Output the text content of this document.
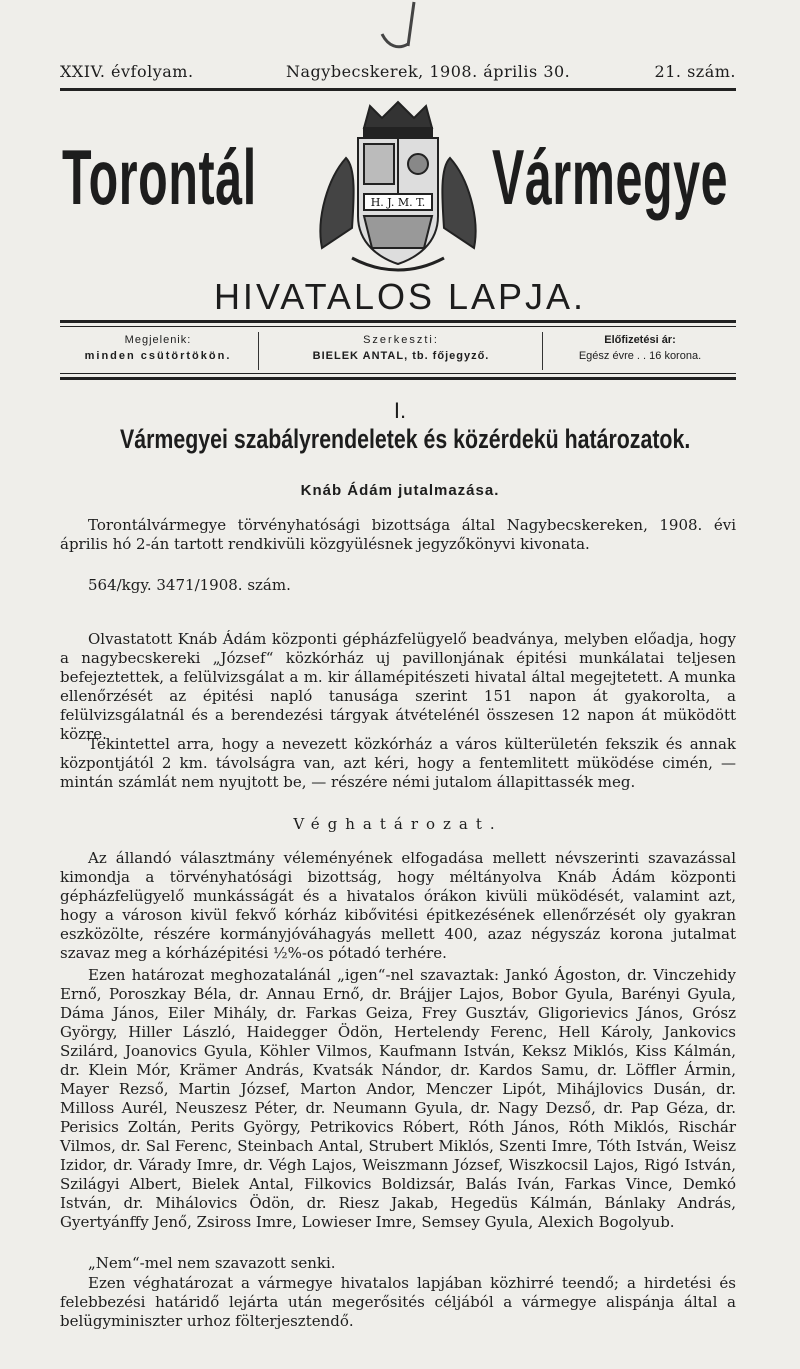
XXIV. évfolyam.	Nagybecskerek, 1908. április 30.	21. szám.
Torontál	Vármegye
H. J. M. T.
HIVATALOS LAPJA.
Megjelenik:
minden csütörtökön.
Szerkeszti:
BIELEK ANTAL, tb. főjegyző.
Előfizetési ár:
Egész évre . . 16 korona.
I.
Vármegyei szabályrendeletek és közérdekü határozatok.
Knáb Ádám jutalmazása.
Torontálvármegye törvényhatósági bizottsága által Nagybecskereken, 1908. évi április hó 2-án tartott rendkivüli közgyülésnek jegyzőkönyvi kivonata.
564/kgy. 3471/1908. szám.
Olvastatott Knáb Ádám központi gépházfelügyelő beadványa, melyben előadja, hogy a nagybecskereki „József“ közkórház uj pavillonjának épitési munkálatai teljesen befejeztettek, a felülvizsgálat a m. kir államépitészeti hivatal által megejtetett. A munka ellenőrzését az épitési napló tanusága szerint 151 napon át gyakorolta, a felülvizsgálatnál és a berendezési tárgyak átvételénél összesen 12 napon át müködött közre.
Tekintettel arra, hogy a nevezett közkórház a város külterületén fekszik és annak központjától 2 km. távolságra van, azt kéri, hogy a fentemlitett müködése cimén, — mintán számlát nem nyujtott be, — részére némi jutalom állapittassék meg.
Véghatározat.
Az állandó választmány véleményének elfogadása mellett névszerinti szavazással kimondja a törvényhatósági bizottság, hogy méltányolva Knáb Ádám központi gépházfelügyelő munkásságát és a hivatalos órákon kivüli müködését, valamint azt, hogy a városon kivül fekvő kórház kibővitési épitkezésének ellenőrzését oly gyakran eszközölte, részére kormányjóváhagyás mellett 400, azaz négyszáz korona jutalmat szavaz meg a kórházépitési ½%-os pótadó terhére.
Ezen határozat meghozatalánál „igen“-nel szavaztak: Jankó Ágoston, dr. Vinczehidy Ernő, Poroszkay Béla, dr. Annau Ernő, dr. Brájjer Lajos, Bobor Gyula, Barényi Gyula, Dáma János, Eiler Mihály, dr. Farkas Geiza, Frey Gusztáv, Gligorievics János, Grósz György, Hiller László, Haidegger Ödön, Hertelendy Ferenc, Hell Károly, Jankovics Szilárd, Joanovics Gyula, Köhler Vilmos, Kaufmann István, Keksz Miklós, Kiss Kálmán, dr. Klein Mór, Krämer András, Kvatsák Nándor, dr. Kardos Samu, dr. Löffler Ármin, Mayer Rezső, Martin József, Marton Andor, Menczer Lipót, Mihájlovics Dusán, dr. Milloss Aurél, Neuszesz Péter, dr. Neumann Gyula, dr. Nagy Dezső, dr. Pap Géza, dr. Perisics Zoltán, Perits György, Petrikovics Róbert, Róth János, Róth Miklós, Rischár Vilmos, dr. Sal Ferenc, Steinbach Antal, Strubert Miklós, Szenti Imre, Tóth István, Weisz Izidor, dr. Várady Imre, dr. Végh Lajos, Weiszmann József, Wiszkocsil Lajos, Rigó István, Szilágyi Albert, Bielek Antal, Filkovics Boldizsár, Balás Iván, Farkas Vince, Demkó István, dr. Mihálovics Ödön, dr. Riesz Jakab, Hegedüs Kálmán, Bánlaky András, Gyertyánffy Jenő, Zsiross Imre, Lowieser Imre, Semsey Gyula, Alexich Bogolyub.
„Nem“-mel nem szavazott senki.
Ezen véghatározat a vármegye hivatalos lapjában közhirré teendő; a hirdetési és felebbezési határidő lejárta után megerősités céljából a vármegye alispánja által a belügyminiszter urhoz fölterjesztendő.
